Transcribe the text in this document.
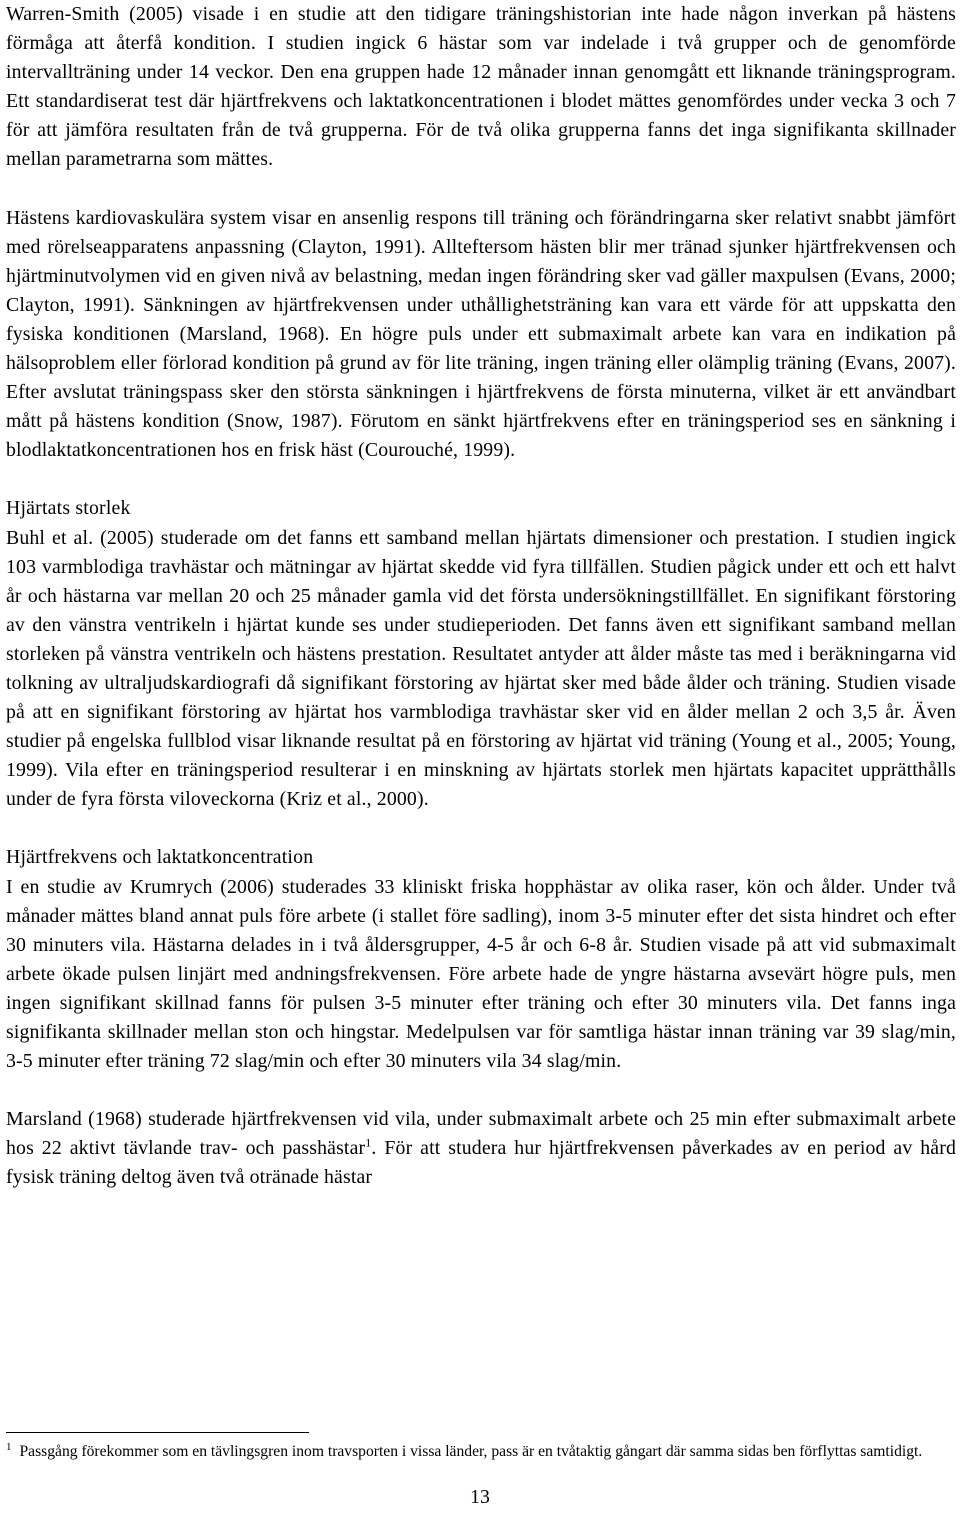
Warren-Smith (2005) visade i en studie att den tidigare träningshistorian inte hade någon inverkan på hästens förmåga att återfå kondition. I studien ingick 6 hästar som var indelade i två grupper och de genomförde intervallträning under 14 veckor. Den ena gruppen hade 12 månader innan genomgått ett liknande träningsprogram. Ett standardiserat test där hjärtfrekvens och laktatkoncentrationen i blodet mättes genomfördes under vecka 3 och 7 för att jämföra resultaten från de två grupperna. För de två olika grupperna fanns det inga signifikanta skillnader mellan parametrarna som mättes.

Hästens kardiovaskulära system visar en ansenlig respons till träning och förändringarna sker relativt snabbt jämfört med rörelseapparatens anpassning (Clayton, 1991). Allteftersom hästen blir mer tränad sjunker hjärtfrekvensen och hjärtminutvolymen vid en given nivå av belastning, medan ingen förändring sker vad gäller maxpulsen (Evans, 2000; Clayton, 1991). Sänkningen av hjärtfrekvensen under uthållighetsträning kan vara ett värde för att uppskatta den fysiska konditionen (Marsland, 1968). En högre puls under ett submaximalt arbete kan vara en indikation på hälsoproblem eller förlorad kondition på grund av för lite träning, ingen träning eller olämplig träning (Evans, 2007). Efter avslutat träningspass sker den största sänkningen i hjärtfrekvens de första minuterna, vilket är ett användbart mått på hästens kondition (Snow, 1987). Förutom en sänkt hjärtfrekvens efter en träningsperiod ses en sänkning i blodlaktatkoncentrationen hos en frisk häst (Courouché, 1999).

Hjärtats storlek

Buhl et al. (2005) studerade om det fanns ett samband mellan hjärtats dimensioner och prestation. I studien ingick 103 varmblodiga travhästar och mätningar av hjärtat skedde vid fyra tillfällen. Studien pågick under ett och ett halvt år och hästarna var mellan 20 och 25 månader gamla vid det första undersökningstillfället. En signifikant förstoring av den vänstra ventrikeln i hjärtat kunde ses under studieperioden. Det fanns även ett signifikant samband mellan storleken på vänstra ventrikeln och hästens prestation. Resultatet antyder att ålder måste tas med i beräkningarna vid tolkning av ultraljudskardiografi då signifikant förstoring av hjärtat sker med både ålder och träning. Studien visade på att en signifikant förstoring av hjärtat hos varmblodiga travhästar sker vid en ålder mellan 2 och 3,5 år. Även studier på engelska fullblod visar liknande resultat på en förstoring av hjärtat vid träning (Young et al., 2005; Young, 1999). Vila efter en träningsperiod resulterar i en minskning av hjärtats storlek men hjärtats kapacitet upprätthålls under de fyra första viloveckorna (Kriz et al., 2000).

Hjärtfrekvens och laktatkoncentration

I en studie av Krumrych (2006) studerades 33 kliniskt friska hopphästar av olika raser, kön och ålder. Under två månader mättes bland annat puls före arbete (i stallet före sadling), inom 3-5 minuter efter det sista hindret och efter 30 minuters vila. Hästarna delades in i två åldersgrupper, 4-5 år och 6-8 år. Studien visade på att vid submaximalt arbete ökade pulsen linjärt med andningsfrekvensen. Före arbete hade de yngre hästarna avsevärt högre puls, men ingen signifikant skillnad fanns för pulsen 3-5 minuter efter träning och efter 30 minuters vila. Det fanns inga signifikanta skillnader mellan ston och hingstar. Medelpulsen var för samtliga hästar innan träning var 39 slag/min, 3-5 minuter efter träning 72 slag/min och efter 30 minuters vila 34 slag/min.

Marsland (1968) studerade hjärtfrekvensen vid vila, under submaximalt arbete och 25 min efter submaximalt arbete hos 22 aktivt tävlande trav- och passhästar$^1$. För att studera hur hjärtfrekvensen påverkades av en period av hård fysisk träning deltog även två otränade hästar

$^1$ Passgång förekommer som en tävlingsgren inom travsporten i vissa länder, pass är en tvåtaktig gångart där samma sidas ben förflyttas samtidigt.

13
